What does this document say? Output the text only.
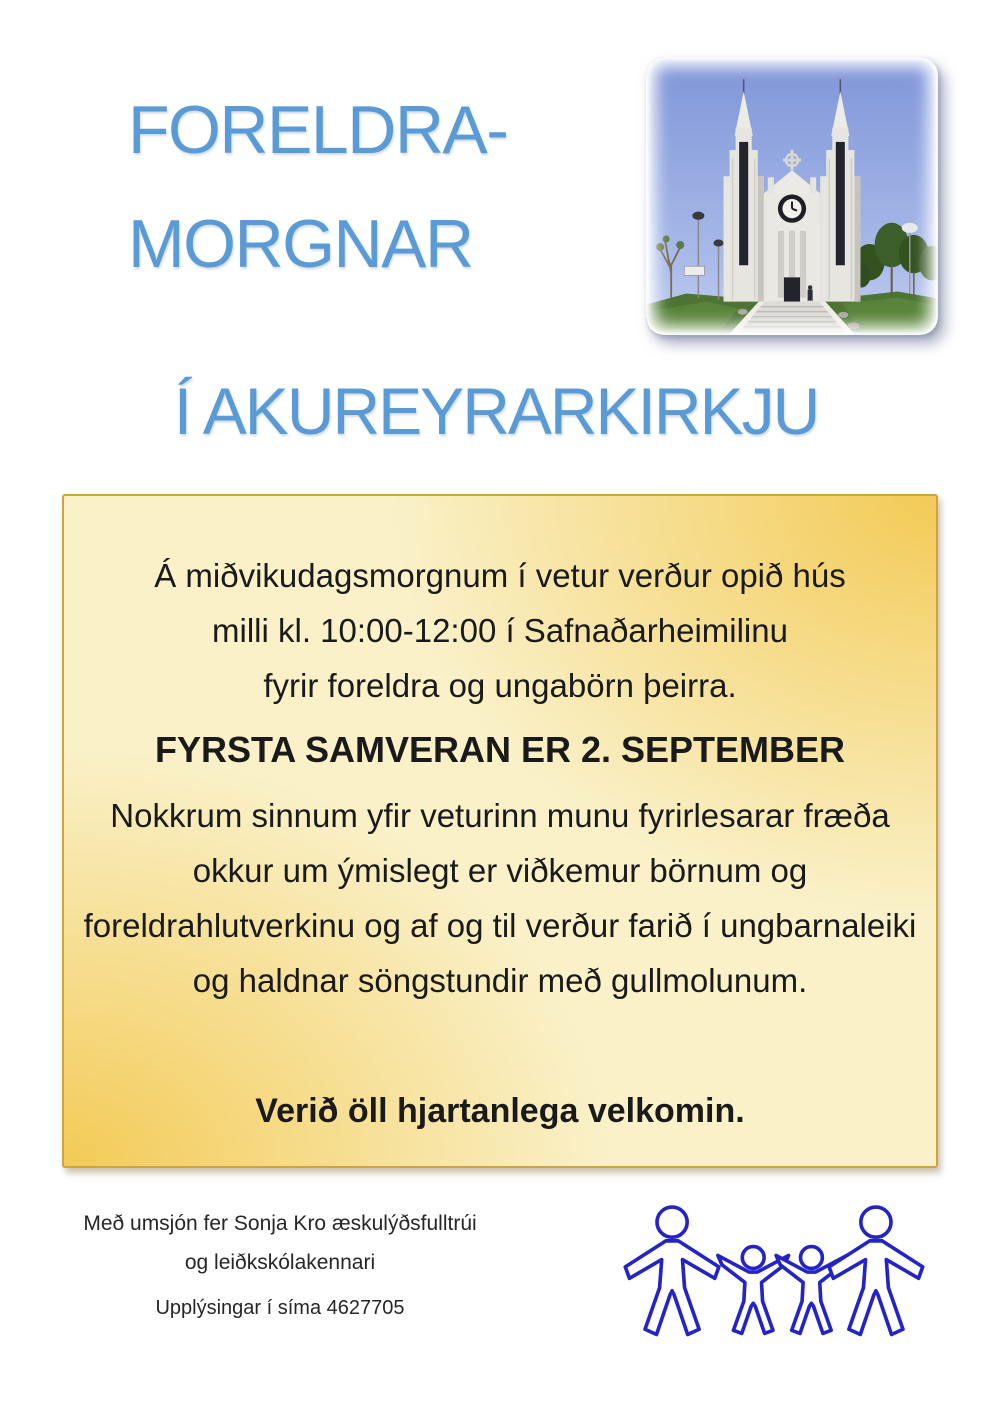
FORELDRA-
MORGNAR
Í AKUREYRARKIRKJU

Á miðvikudagsmorgnum í vetur verður opið hús
milli kl. 10:00-12:00 í Safnaðarheimilinu
fyrir foreldra og ungabörn þeirra.

FYRSTA SAMVERAN ER 2. SEPTEMBER

Nokkrum sinnum yfir veturinn munu fyrirlesarar fræða
okkur um ýmislegt er viðkemur börnum og
foreldrahlutverkinu og af og til verður farið í ungbarnaleiki
og haldnar söngstundir með gullmolunum.

Verið öll hjartanlega velkomin.
Með umsjón fer Sonja Kro æskulýðsfulltrúi
og leiðkskólakennari
Upplýsingar í síma 4627705
